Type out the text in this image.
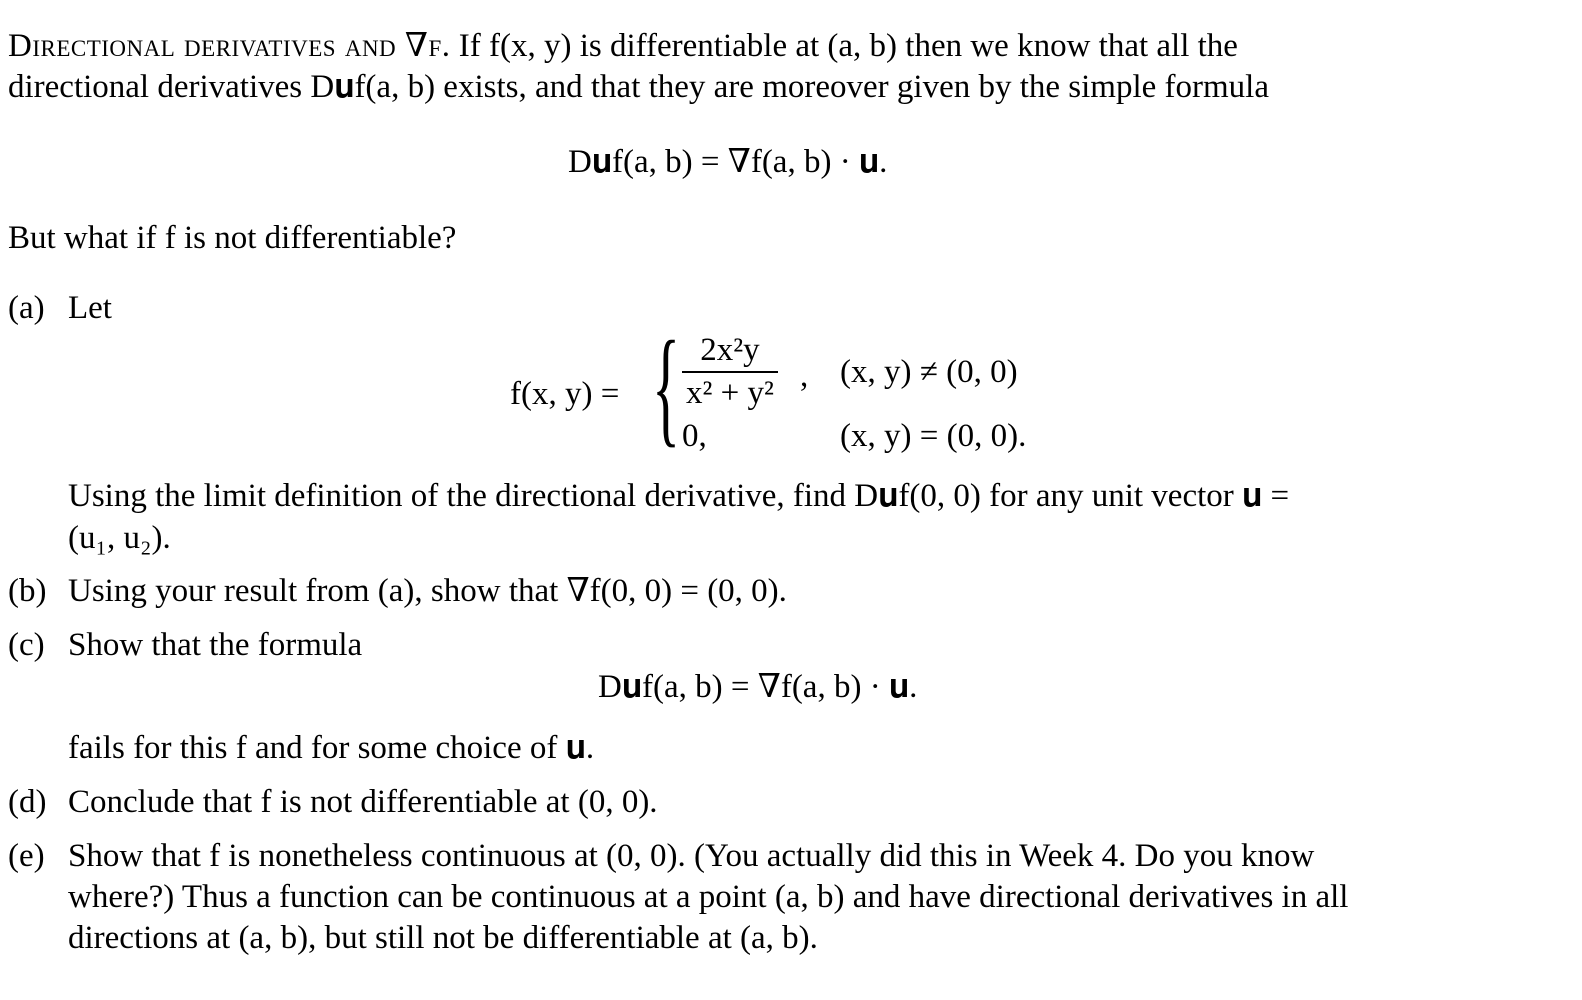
Directional derivatives and ∇f. If f(x, y) is differentiable at (a, b) then we know that all the
directional derivatives D𝐮f(a, b) exists, and that they are moreover given by the simple formula
D𝐮f(a, b) = ∇f(a, b) · 𝐮.
But what if f is not differentiable?
(a) Let
f(x, y) = { $\frac{\text{2x²y}}{\text{x² + y²}}$ , (x, y) ≠ (0, 0)
0,	(x, y) = (0, 0).
Using the limit definition of the directional derivative, find D𝐮f(0, 0) for any unit vector 𝐮 =
(u₁, u₂).
(b) Using your result from (a), show that ∇f(0, 0) = (0, 0).
(c) Show that the formula
D𝐮f(a, b) = ∇f(a, b) · 𝐮.
fails for this f and for some choice of 𝐮.
(d) Conclude that f is not differentiable at (0, 0).
(e) Show that f is nonetheless continuous at (0, 0). (You actually did this in Week 4. Do you know
where?) Thus a function can be continuous at a point (a, b) and have directional derivatives in all
directions at (a, b), but still not be differentiable at (a, b).
